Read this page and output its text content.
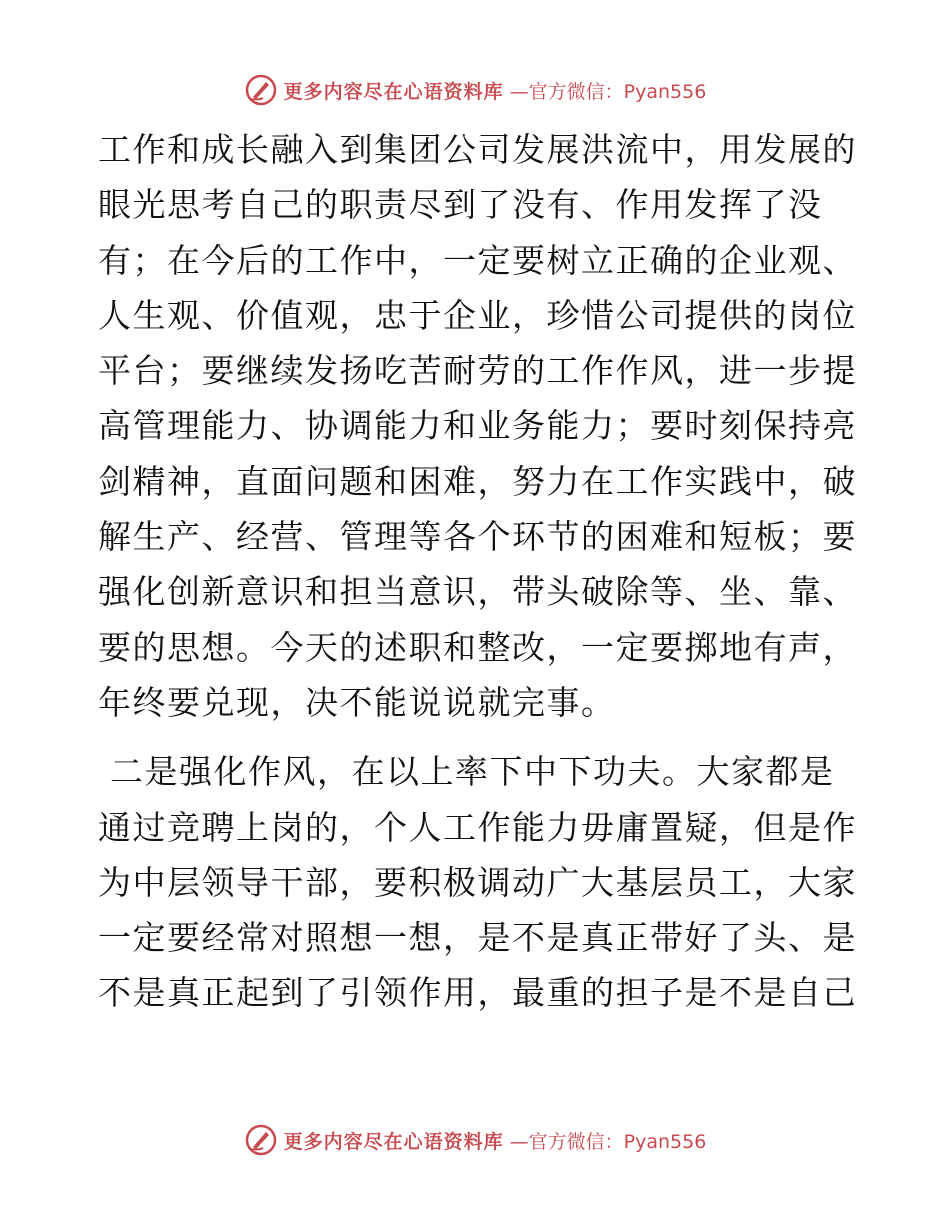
更多内容尽在心语资料库 —官方微信：Pyan556

工作和成长融入到集团公司发展洪流中，用发展的眼光思考自己的职责尽到了没有、作用发挥了没有；在今后的工作中，一定要树立正确的企业观、人生观、价值观，忠于企业，珍惜公司提供的岗位平台；要继续发扬吃苦耐劳的工作作风，进一步提高管理能力、协调能力和业务能力；要时刻保持亮剑精神，直面问题和困难，努力在工作实践中，破解生产、经营、管理等各个环节的困难和短板；要强化创新意识和担当意识，带头破除等、坐、靠、要的思想。今天的述职和整改，一定要掷地有声，年终要兑现，决不能说说就完事。

二是强化作风，在以上率下中下功夫。大家都是通过竞聘上岗的，个人工作能力毋庸置疑，但是作为中层领导干部，要积极调动广大基层员工，大家一定要经常对照想一想，是不是真正带好了头、是不是真正起到了引领作用，最重的担子是不是自己

更多内容尽在心语资料库 —官方微信：Pyan556
